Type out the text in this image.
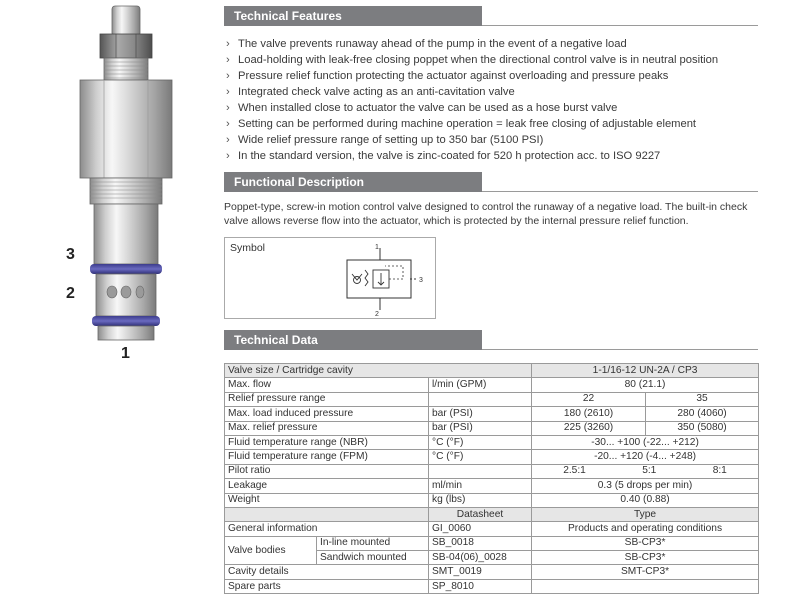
3
2
1
Technical Features
› The valve prevents runaway ahead of the pump in the event of a negative load
› Load-holding with leak-free closing poppet when the directional control valve is in neutral position
› Pressure relief function protecting the actuator against overloading and pressure peaks
› Integrated check valve acting as an anti-cavitation valve
› When installed close to actuator the valve can be used as a hose burst valve
› Setting can be performed during machine operation = leak free closing of adjustable element
› Wide relief pressure range of setting up to 350 bar (5100 PSI)
› In the standard version, the valve is zinc-coated for 520 h protection acc. to ISO 9227
Functional Description

Poppet-type, screw-in motion control valve designed to control the runaway of a negative load. The built-in check valve allows reverse flow into the actuator, which is protected by the internal pressure relief function.

Symbol	1
2
3
Technical Data
Valve size / Cartridge cavity			1-1/16-12 UN-2A / CP3	
Max. flow		l/min (GPM)	80 (21.1)	
Relief pressure range			22	35
Max. load induced pressure		bar (PSI)	180 (2610)	280 (4060)
Max. relief pressure		bar (PSI)	225 (3260)	350 (5080)
Fluid temperature range (NBR)		°C (°F)	-30... +100 (-22... +212)	
Fluid temperature range (FPM)		°C (°F)	-20... +120 (-4... +248)	
Pilot ratio			2.5:1 5:1 8:1	

Leakage		ml/min	0.3 (5 drops per min)	
Weight		kg (lbs)	0.40 (0.88)	
		Datasheet	Type	
General information		GI_0060	Products and operating conditions	
Valve bodies	In-line mounted	SB_0018	SB-CP3*	
	Sandwich mounted	SB-04(06)_0028	SB-CP3*	
Cavity details		SMT_0019	SMT-CP3*	
Spare parts		SP_8010		
